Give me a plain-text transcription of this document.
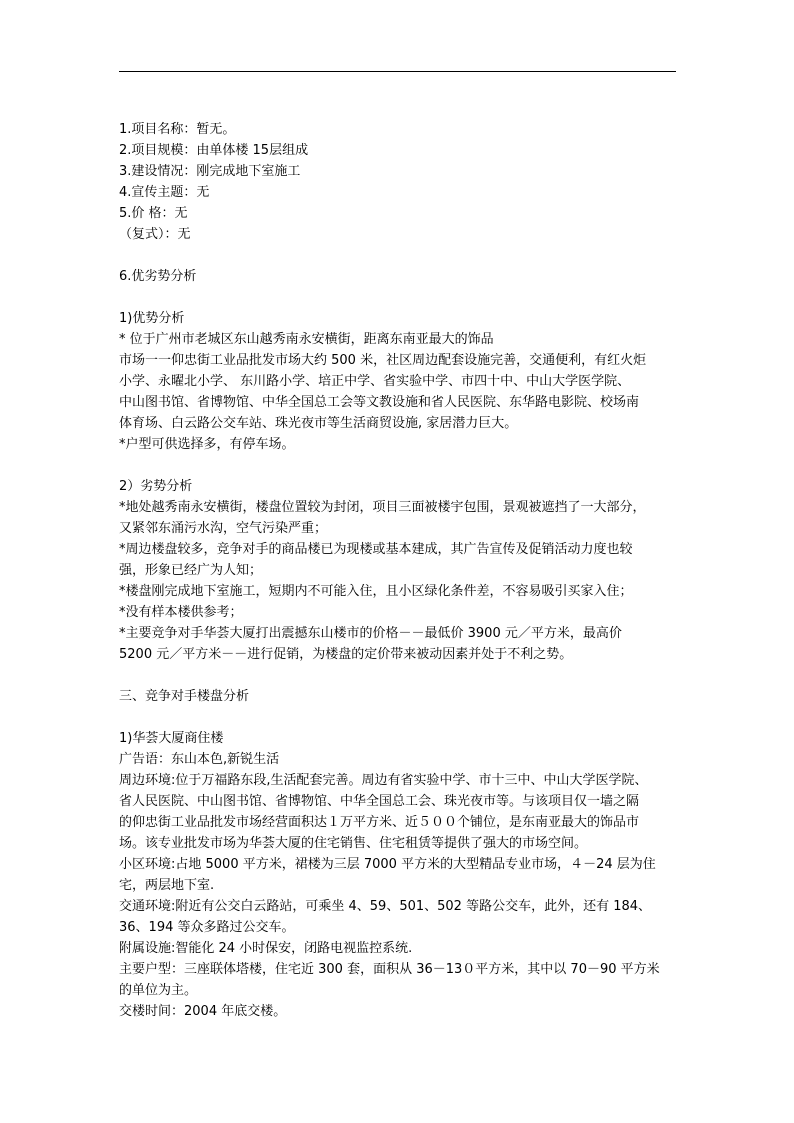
1.项目名称：暂无。
2.项目规模：由单体楼 15层组成
3.建设情况：刚完成地下室施工
4.宣传主题：无
5.价 格：无
（复式）：无
6.优劣势分析
1)优势分析
* 位于广州市老城区东山越秀南永安横街，距离东南亚最大的饰品
市场一一仰忠街工业品批发市场大约 500 米，社区周边配套设施完善，交通便利，有红火炬
小学、永曜北小学、 东川路小学、培正中学、省实验中学、市四十中、中山大学医学院、
中山图书馆、省博物馆、中华全国总工会等文教设施和省人民医院、东华路电影院、校场南
体育场、白云路公交车站、珠光夜市等生活商贸设施, 家居潜力巨大。
*户型可供选择多，有停车场。
2）劣势分析
*地处越秀南永安横街，楼盘位置较为封闭，项目三面被楼宇包围，景观被遮挡了一大部分，
又紧邻东涌污水沟，空气污染严重；
*周边楼盘较多，竞争对手的商品楼已为现楼或基本建成，其广告宣传及促销活动力度也较
强，形象已经广为人知；
*楼盘刚完成地下室施工，短期内不可能入住，且小区绿化条件差，不容易吸引买家入住；
*没有样本楼供参考；
*主要竞争对手华荟大厦打出震撼东山楼市的价格－－最低价 3900 元／平方米，最高价
5200 元／平方米－－进行促销，为楼盘的定价带来被动因素并处于不利之势。
三、竞争对手楼盘分析
1)华荟大厦商住楼
广告语：东山本色,新锐生活
周边环境:位于万福路东段,生活配套完善。周边有省实验中学、市十三中、中山大学医学院、
省人民医院、中山图书馆、省博物馆、中华全国总工会、珠光夜市等。与该项目仅一墙之隔
的仰忠街工业品批发市场经营面积达１万平方米、近５００个铺位，是东南亚最大的饰品市
场。该专业批发市场为华荟大厦的住宅销售、住宅租赁等提供了强大的市场空间。
小区环境:占地 5000 平方米，裙楼为三层 7000 平方米的大型精品专业市场，４－24 层为住
宅，两层地下室.
交通环境:附近有公交白云路站，可乘坐 4、59、501、502 等路公交车，此外，还有 184、
36、194 等众多路过公交车。
附属设施:智能化 24 小时保安，闭路电视监控系统.
主要户型：三座联体塔楼，住宅近 300 套，面积从 36－13０平方米，其中以 70－90 平方米
的单位为主。
交楼时间：2004 年底交楼。
